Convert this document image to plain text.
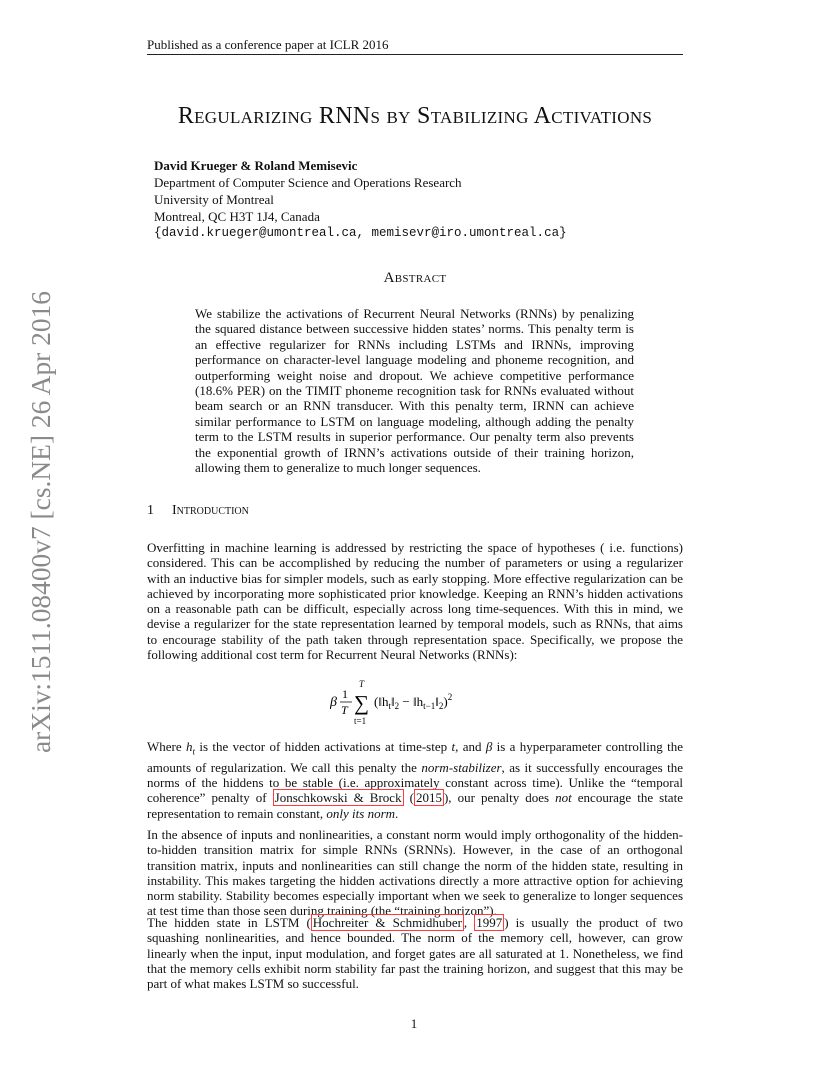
arXiv:1511.08400v7 [cs.NE] 26 Apr 2016
Published as a conference paper at ICLR 2016
Regularizing RNNs by Stabilizing Activations
David Krueger & Roland Memisevic
Department of Computer Science and Operations Research
University of Montreal
Montreal, QC H3T 1J4, Canada
{david.krueger@umontreal.ca, memisevr@iro.umontreal.ca}
Abstract
We stabilize the activations of Recurrent Neural Networks (RNNs) by penalizing the squared distance between successive hidden states’ norms. This penalty term is an effective regularizer for RNNs including LSTMs and IRNNs, improving performance on character-level language modeling and phoneme recognition, and outperforming weight noise and dropout. We achieve competitive performance (18.6% PER) on the TIMIT phoneme recognition task for RNNs evaluated without beam search or an RNN transducer. With this penalty term, IRNN can achieve similar performance to LSTM on language modeling, although adding the penalty term to the LSTM results in superior performance. Our penalty term also prevents the exponential growth of IRNN’s activations outside of their training horizon, allowing them to generalize to much longer sequences.
1 Introduction
Overfitting in machine learning is addressed by restricting the space of hypotheses ( i.e. functions) considered. This can be accomplished by reducing the number of parameters or using a regularizer with an inductive bias for simpler models, such as early stopping. More effective regularization can be achieved by incorporating more sophisticated prior knowledge. Keeping an RNN’s hidden activations on a reasonable path can be difficult, especially across long time-sequences. With this in mind, we devise a regularizer for the state representation learned by temporal models, such as RNNs, that aims to encourage stability of the path taken through representation space. Specifically, we propose the following additional cost term for Recurrent Neural Networks (RNNs):
β
1
T
T
∑
t=1
($‖h_t‖_2$ − $‖h_{t-1}‖_2)^2$
Where $h_t$ is the vector of hidden activations at time-step t, and β is a hyperparameter controlling the amounts of regularization. We call this penalty the norm-stabilizer, as it successfully encourages the norms of the hiddens to be stable (i.e. approximately constant across time). Unlike the “temporal coherence” penalty of Jonschkowski & Brock ( 2015 ), our penalty does not encourage the state representation to remain constant, only its norm.
In the absence of inputs and nonlinearities, a constant norm would imply orthogonality of the hidden-to-hidden transition matrix for simple RNNs (SRNNs). However, in the case of an orthogonal transition matrix, inputs and nonlinearities can still change the norm of the hidden state, resulting in instability. This makes targeting the hidden activations directly a more attractive option for achieving norm stability. Stability becomes especially important when we seek to generalize to longer sequences at test time than those seen during training (the “training horizon”).
The hidden state in LSTM ( Hochreiter & Schmidhuber , 1997 ) is usually the product of two squashing nonlinearities, and hence bounded. The norm of the memory cell, however, can grow linearly when the input, input modulation, and forget gates are all saturated at 1. Nonetheless, we find that the memory cells exhibit norm stability far past the training horizon, and suggest that this may be part of what makes LSTM so successful.
1
